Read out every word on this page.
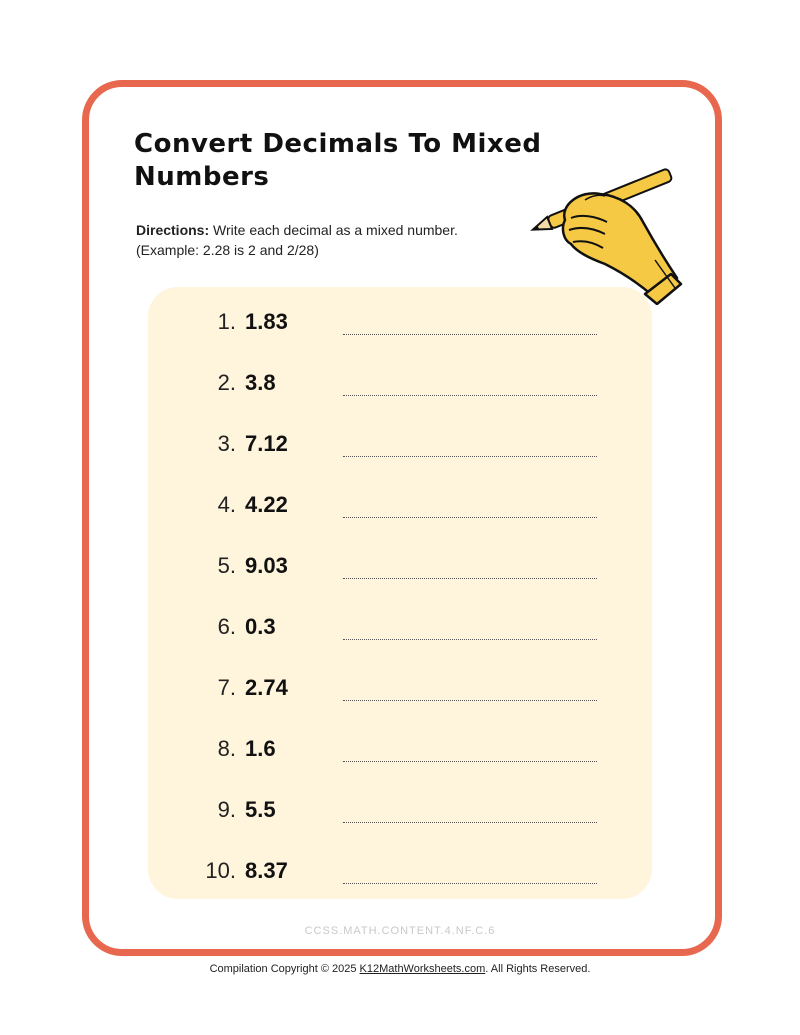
Convert Decimals To Mixed Numbers
Directions: Write each decimal as a mixed number.
(Example: 2.28 is 2 and 2/28)
1. 1.83
2. 3.8
3. 7.12
4. 4.22
5. 9.03
6. 0.3
7. 2.74
8. 1.6
9. 5.5
10. 8.37
CCSS.MATH.CONTENT.4.NF.C.6
Compilation Copyright © 2025 K12MathWorksheets.com. All Rights Reserved.
